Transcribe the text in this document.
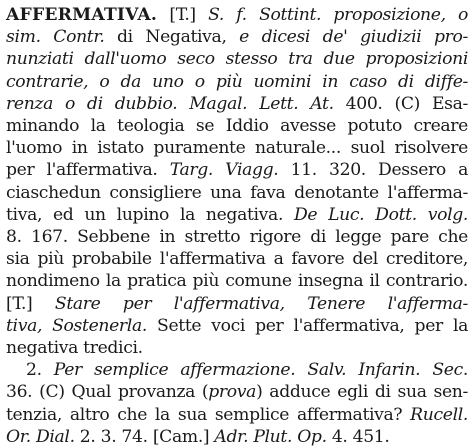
AFFERMATIVA. [T.] S. f. Sottint. proposizione, o
sim. Contr. di Negativa, e dicesi de' giudizii pro-
nunziati dall'uomo seco stesso tra due proposizioni
contrarie, o da uno o più uomini in caso di diffe-
renza o di dubbio. Magal. Lett. At. 400. (C) Esa-
minando la teologia se Iddio avesse potuto creare
l'uomo in istato puramente naturale... suol risolvere
per l'affermativa. Targ. Viagg. 11. 320. Dessero a
ciaschedun consigliere una fava denotante l'afferma-
tiva, ed un lupino la negativa. De Luc. Dott. volg.
8. 167. Sebbene in stretto rigore di legge pare che
sia più probabile l'affermativa a favore del creditore,
nondimeno la pratica più comune insegna il contrario.
[T.] Stare per l'affermativa, Tenere l'afferma-
tiva, Sostenerla. Sette voci per l'affermativa, per la
negativa tredici.
2. Per semplice affermazione. Salv. Infarin. Sec.
36. (C) Qual provanza (prova) adduce egli di sua sen-
tenzia, altro che la sua semplice affermativa? Rucell.
Or. Dial. 2. 3. 74. [Cam.] Adr. Plut. Op. 4. 451.
